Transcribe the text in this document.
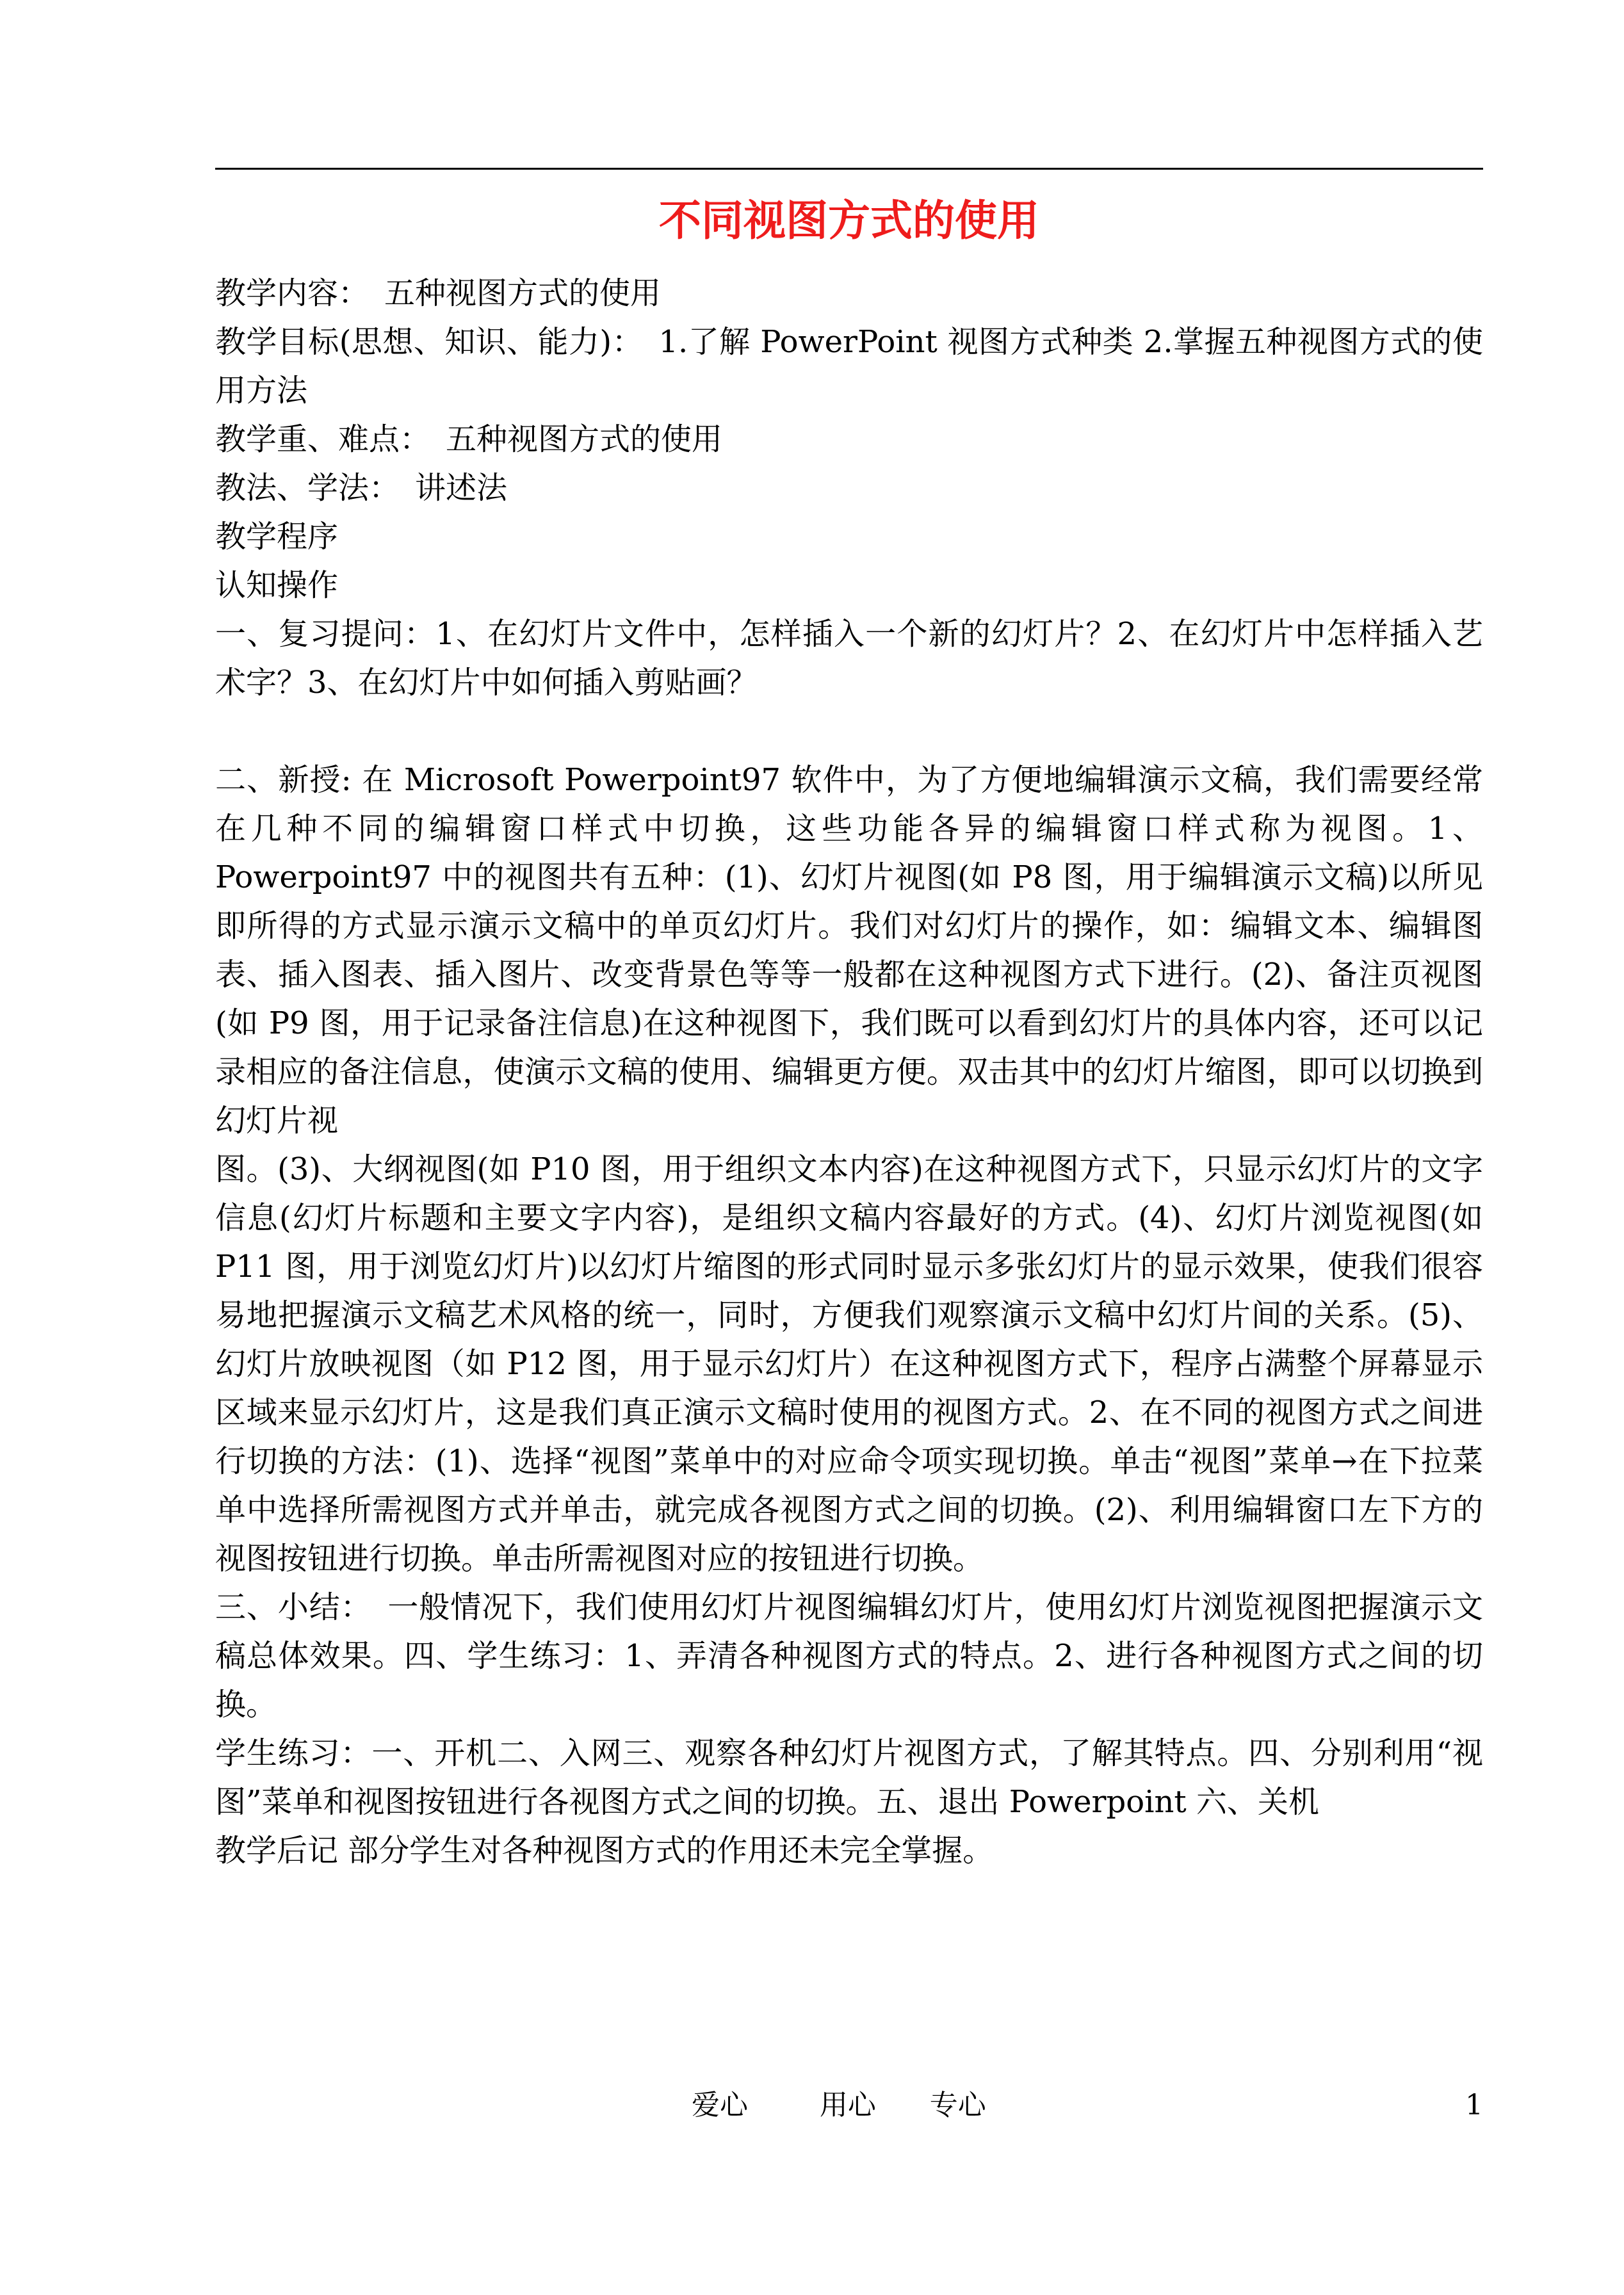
不同视图方式的使用

教学内容：　五种视图方式的使用

教学目标(思想、知识、能力)：　1.了解 PowerPoint 视图方式种类 2.掌握五种视图方式的使用方法

教学重、难点：　五种视图方式的使用

教法、学法：　讲述法

教学程序

认知操作

一、复习提问：1、在幻灯片文件中，怎样插入一个新的幻灯片？2、在幻灯片中怎样插入艺术字？3、在幻灯片中如何插入剪贴画？

二、新授: 在 Microsoft Powerpoint97 软件中，为了方便地编辑演示文稿，我们需要经常在几种不同的编辑窗口样式中切换，这些功能各异的编辑窗口样式称为视图。1、Powerpoint97 中的视图共有五种：(1)、幻灯片视图(如 P8 图，用于编辑演示文稿)以所见即所得的方式显示演示文稿中的单页幻灯片。我们对幻灯片的操作，如：编辑文本、编辑图表、插入图表、插入图片、改变背景色等等一般都在这种视图方式下进行。(2)、备注页视图(如 P9 图，用于记录备注信息)在这种视图下，我们既可以看到幻灯片的具体内容，还可以记录相应的备注信息，使演示文稿的使用、编辑更方便。双击其中的幻灯片缩图，即可以切换到幻灯片视

图。(3)、大纲视图(如 P10 图，用于组织文本内容)在这种视图方式下，只显示幻灯片的文字信息(幻灯片标题和主要文字内容)，是组织文稿内容最好的方式。(4)、幻灯片浏览视图(如 P11 图，用于浏览幻灯片)以幻灯片缩图的形式同时显示多张幻灯片的显示效果，使我们很容易地把握演示文稿艺术风格的统一，同时，方便我们观察演示文稿中幻灯片间的关系。(5)、幻灯片放映视图（如 P12 图，用于显示幻灯片）在这种视图方式下，程序占满整个屏幕显示区域来显示幻灯片，这是我们真正演示文稿时使用的视图方式。2、在不同的视图方式之间进行切换的方法：(1)、选择“视图”菜单中的对应命令项实现切换。单击“视图”菜单→在下拉菜单中选择所需视图方式并单击，就完成各视图方式之间的切换。(2)、利用编辑窗口左下方的视图按钮进行切换。单击所需视图对应的按钮进行切换。

三、小结：　一般情况下，我们使用幻灯片视图编辑幻灯片，使用幻灯片浏览视图把握演示文稿总体效果。四、学生练习：1、弄清各种视图方式的特点。2、进行各种视图方式之间的切换。

学生练习：一、开机二、入网三、观察各种幻灯片视图方式，了解其特点。四、分别利用“视图”菜单和视图按钮进行各视图方式之间的切换。五、退出 Powerpoint 六、关机

教学后记 部分学生对各种视图方式的作用还未完全掌握。

爱心        用心      专心	1
